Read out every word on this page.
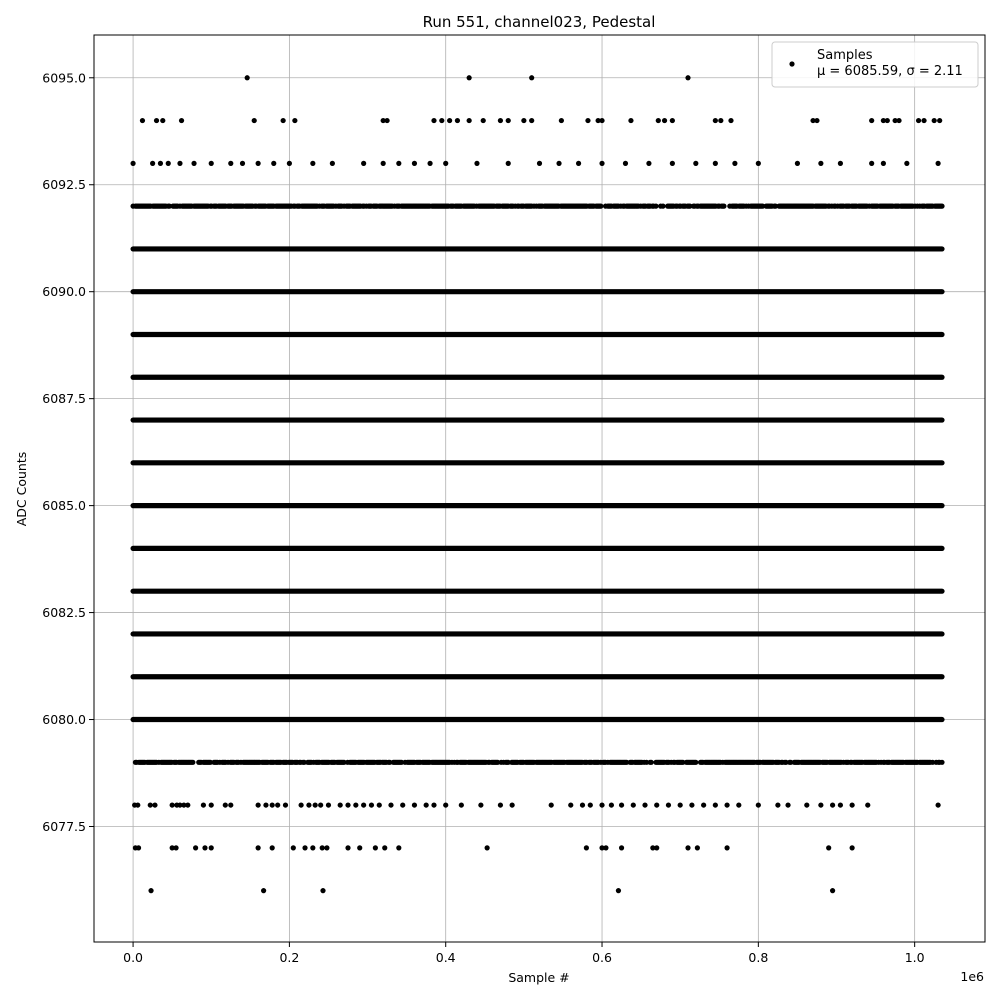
0.0	0.2	0.4	0.6	0.8	1.0
6077.5
6080.0
6082.5
6085.0
6087.5
6090.0
6092.5
6095.0
Run 551, channel023, Pedestal
Sample #
ADC Counts
1e6
Samples
μ = 6085.59, σ = 2.11
